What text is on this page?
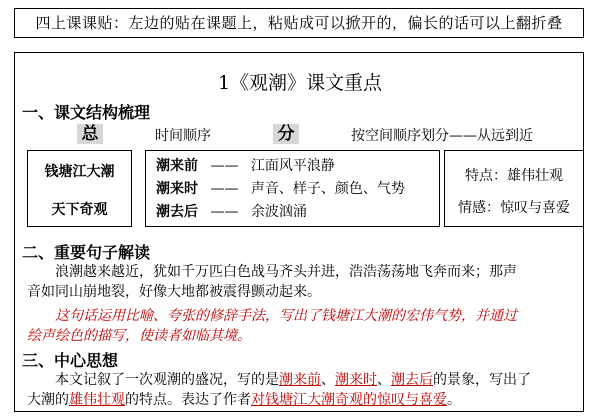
四上课课贴：左边的贴在课题上，粘贴成可以掀开的，偏长的话可以上翻折叠
1《观潮》课文重点
一、课文结构梳理
总	时间顺序	分	按空间顺序划分——从远到近
钱塘江大潮
天下奇观
潮来前 —— 江面风平浪静
潮来时 —— 声音、样子、颜色、气势
潮去后 —— 余波汹涌
特点：雄伟壮观
情感：惊叹与喜爱
二、重要句子解读
浪潮越来越近，犹如千万匹白色战马齐头并进，浩浩荡荡地飞奔而来；那声
音如同山崩地裂，好像大地都被震得颤动起来。
这句话运用比喻、夸张的修辞手法，写出了钱塘江大潮的宏伟气势，并通过
绘声绘色的描写，使读者如临其境。
三、中心思想
本文记叙了一次观潮的盛况，写的是潮来前、潮来时、潮去后的景象，写出了
大潮的雄伟壮观的特点。表达了作者对钱塘江大潮奇观的惊叹与喜爱。
